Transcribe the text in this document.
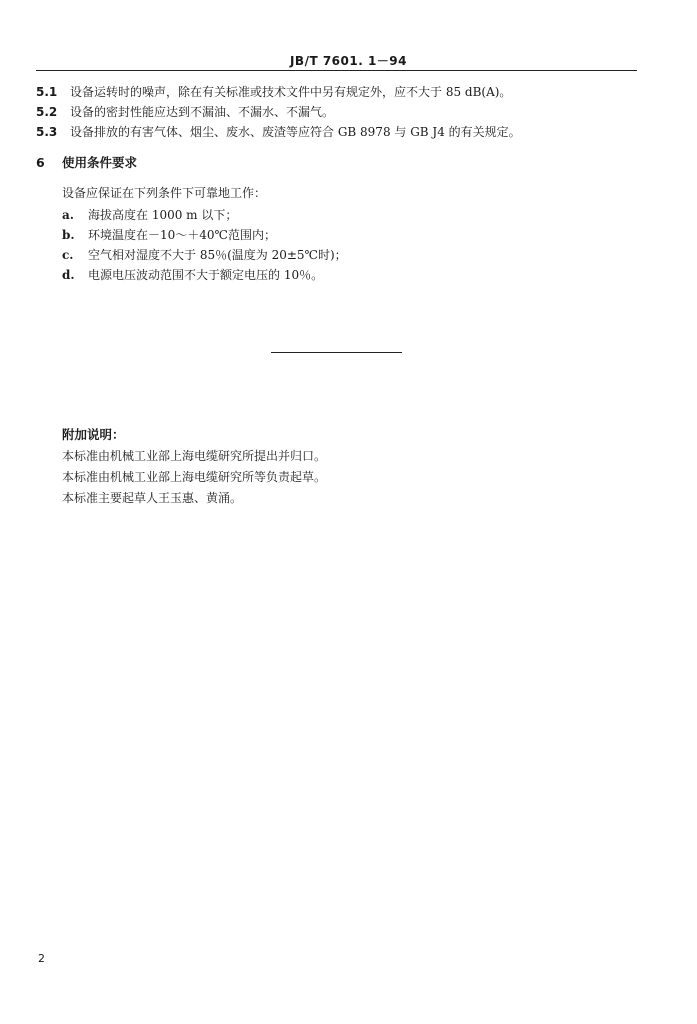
JB/T 7601. 1－94
5.1 设备运转时的噪声，除在有关标准或技术文件中另有规定外，应不大于 85 dB(A)。
5.2 设备的密封性能应达到不漏油、不漏水、不漏气。
5.3 设备排放的有害气体、烟尘、废水、废渣等应符合 GB 8978 与 GB J4 的有关规定。
6 使用条件要求
设备应保证在下列条件下可靠地工作：
a. 海拔高度在 1000 m 以下；
b. 环境温度在－10～＋40℃范围内；
c. 空气相对湿度不大于 85％(温度为 20±5℃时)；
d. 电源电压波动范围不大于额定电压的 10％。
附加说明：
本标准由机械工业部上海电缆研究所提出并归口。
本标准由机械工业部上海电缆研究所等负责起草。
本标准主要起草人王玉惠、黄涌。
2
